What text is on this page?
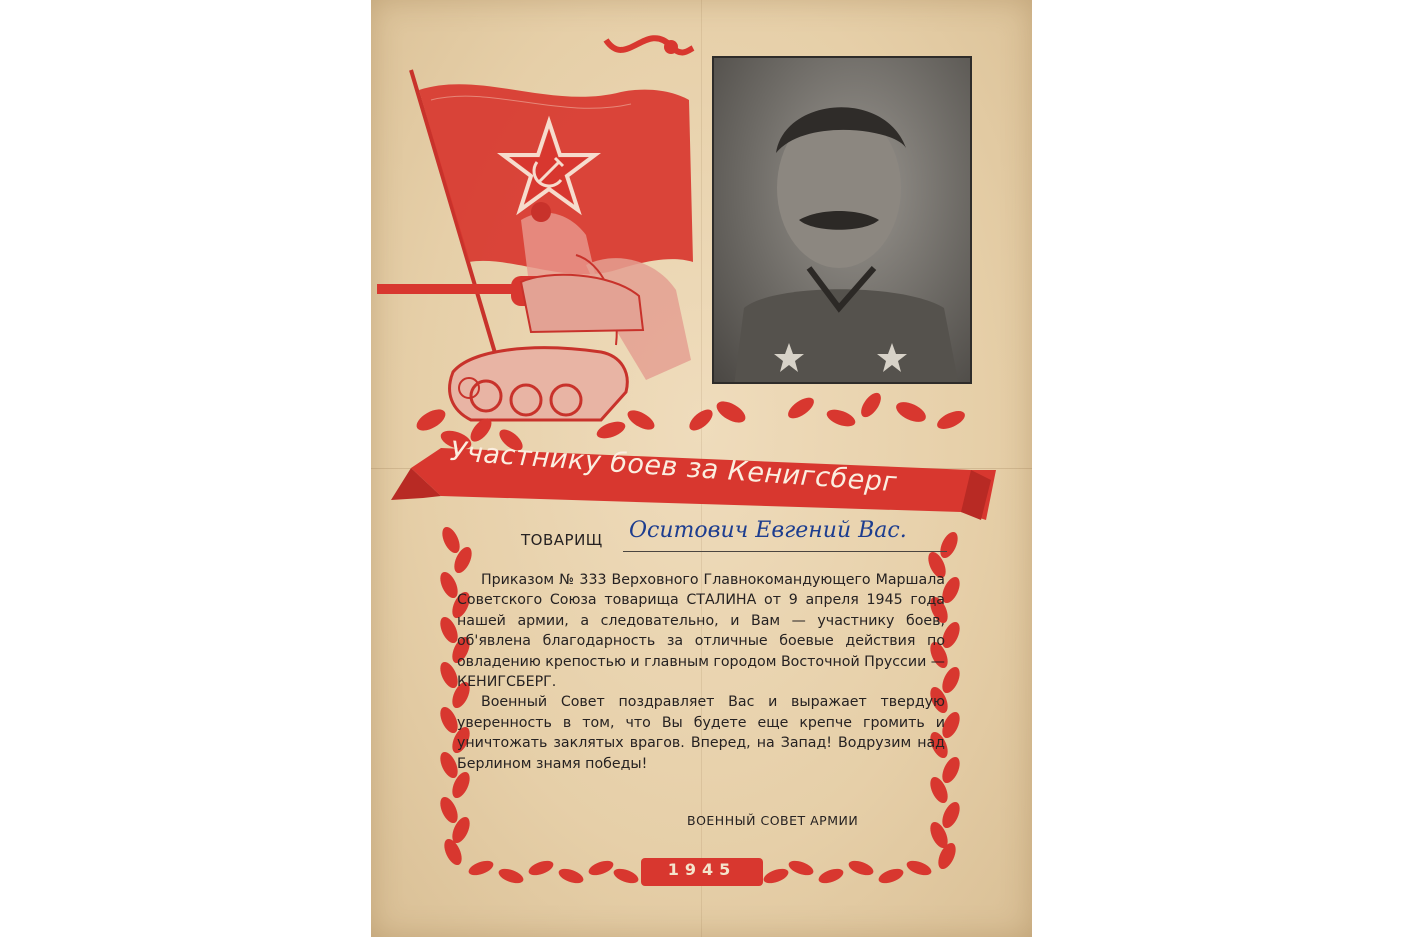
Участнику боев за Кенигсберг
ТОВАРИЩ Оситович Евгений Вас.

Приказом № 333 Верховного Главнокомандующего Маршала Советского Союза товарища СТАЛИНА от 9 апреля 1945 года нашей армии, а следовательно, и Вам — участнику боев, об'явлена благодарность за отличные боевые действия по овладению крепостью и главным городом Восточной Пруссии — КЕНИГСБЕРГ.

Военный Совет поздравляет Вас и выражает твердую уверенность в том, что Вы будете еще крепче громить и уничтожать заклятых врагов. Вперед, на Запад! Водрузим над Берлином знамя победы!

ВОЕННЫЙ СОВЕТ АРМИИ
1945
